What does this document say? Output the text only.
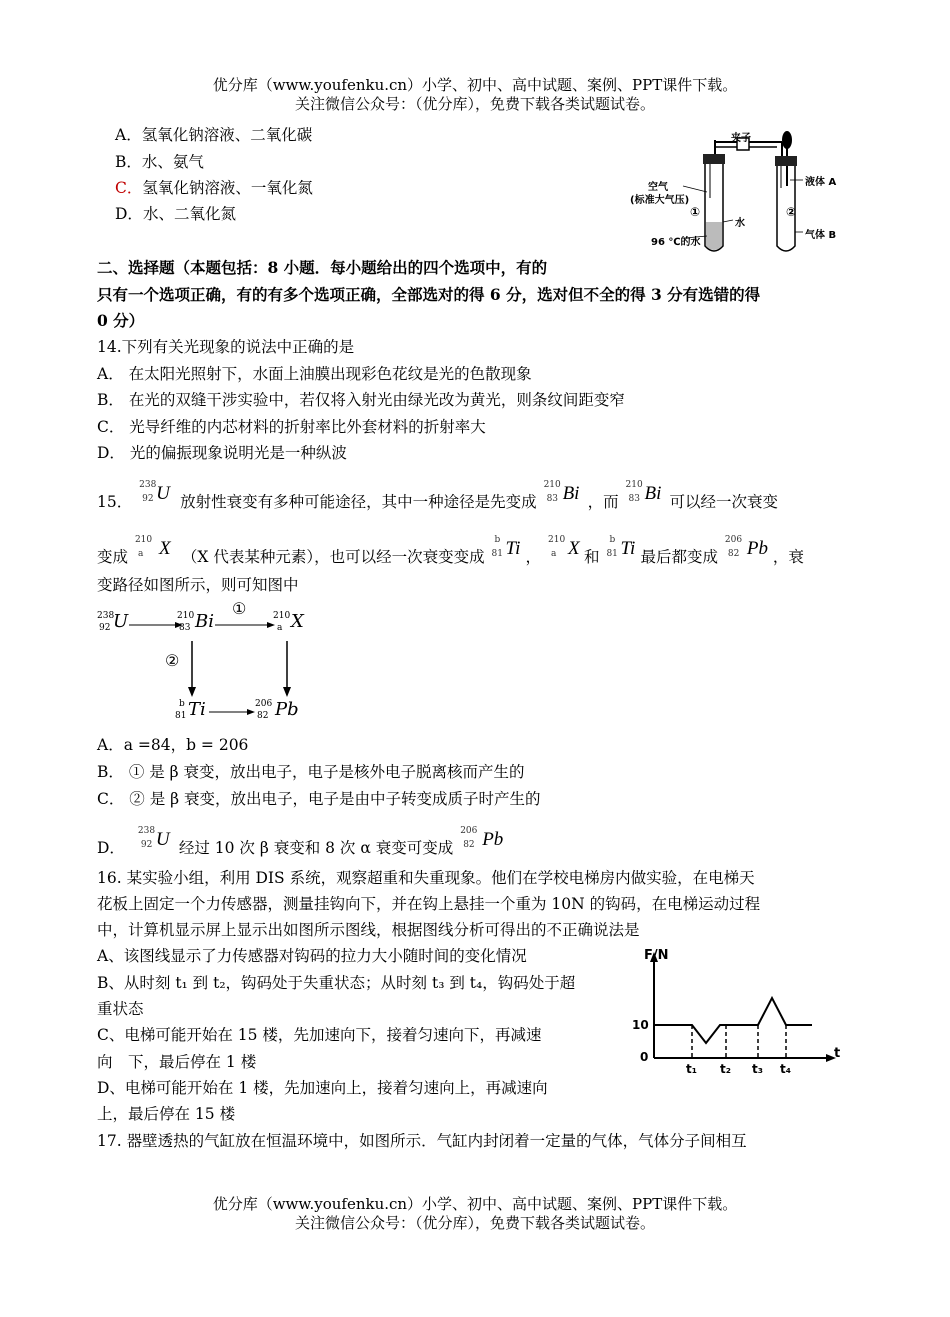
优分库（www.youfenku.cn）小学、初中、高中试题、案例、PPT课件下载。
关注微信公众号：（优分库），免费下载各类试题试卷。
A．氢氧化钠溶液、二氧化碳
B．水、氨气
C．氢氧化钠溶液、一氧化氮
D．水、二氧化氮
夹子
液体 A
空气
(标准大气压)
①	②
水
气体 B
96 ℃的水
二、选择题（本题包括：8 小题．每小题给出的四个选项中，有的
只有一个选项正确，有的有多个选项正确，全部选对的得 6 分，选对但不全的得 3 分有选错的得
0 分）
14.下列有关光现象的说法中正确的是
A． 在太阳光照射下，水面上油膜出现彩色花纹是光的色散现象
B． 在光的双缝干涉实验中，若仅将入射光由绿光改为黄光，则条纹间距变窄
C． 光导纤维的内芯材料的折射率比外套材料的折射率大
D． 光的偏振现象说明光是一种纵波
15．
238
92 U 放射性衰变有多种可能途径，其中一种途径是先变成
210
83 Bi ，而
210
83 Bi 可以经一次衰变
变成
210
a X （X 代表某种元素），也可以经一次衰变变成
b
81 Ti ，
210
a X 和
b
81 Ti 最后都变成
206
82 Pb ，衰
变路径如图所示，则可知图中
238
92 U	210
83 Bi	210
a X
①
②
b
81 Ti	206
82 Pb
A．a =84，b = 206
B． ① 是 β 衰变，放出电子，电子是核外电子脱离核而产生的
C． ② 是 β 衰变，放出电子，电子是由中子转变成质子时产生的
D．
238
92 U 经过 10 次 β 衰变和 8 次 α 衰变可变成
206
82 Pb
16. 某实验小组，利用 DIS 系统，观察超重和失重现象。他们在学校电梯房内做实验，在电梯天
花板上固定一个力传感器，测量挂钩向下，并在钩上悬挂一个重为 10N 的钩码，在电梯运动过程
中，计算机显示屏上显示出如图所示图线，根据图线分析可得出的不正确说法是
A、该图线显示了力传感器对钩码的拉力大小随时间的变化情况
B、从时刻 t₁ 到 t₂，钩码处于失重状态；从时刻 t₃ 到 t₄，钩码处于超
重状态
C、电梯可能开始在 15 楼，先加速向下，接着匀速向下，再减速
向　下，最后停在 1 楼
D、电梯可能开始在 1 楼，先加速向上，接着匀速向上，再减速向
上，最后停在 15 楼
F/N
t
10
0
t₁ t₂ t₃ t₄
17. 器壁透热的气缸放在恒温环境中，如图所示．气缸内封闭着一定量的气体，气体分子间相互
优分库（www.youfenku.cn）小学、初中、高中试题、案例、PPT课件下载。
关注微信公众号：（优分库），免费下载各类试题试卷。
